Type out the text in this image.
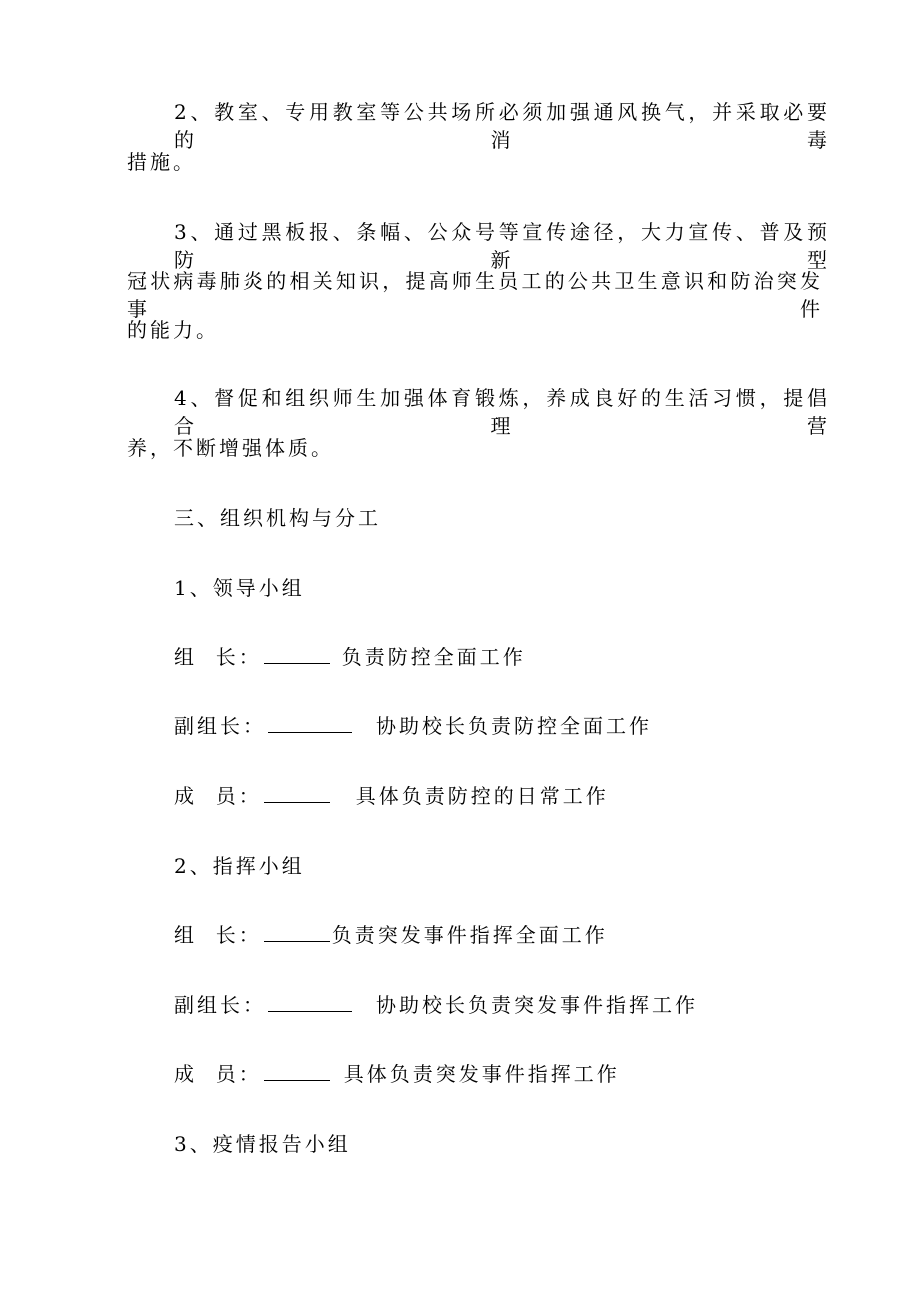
2、教室、专用教室等公共场所必须加强通风换气，并采取必要的消毒
措施。
3、通过黑板报、条幅、公众号等宣传途径，大力宣传、普及预防新型
冠状病毒肺炎的相关知识，提高师生员工的公共卫生意识和防治突发事件
的能力。
4、督促和组织师生加强体育锻炼，养成良好的生活习惯，提倡合理营
养，不断增强体质。
三、组织机构与分工
1、领导小组
组  长：	负责防控全面工作
副组长：	协助校长负责防控全面工作
成  员：	具体负责防控的日常工作
2、指挥小组
组  长：	负责突发事件指挥全面工作
副组长：	协助校长负责突发事件指挥工作
成  员：	具体负责突发事件指挥工作
3、疫情报告小组
